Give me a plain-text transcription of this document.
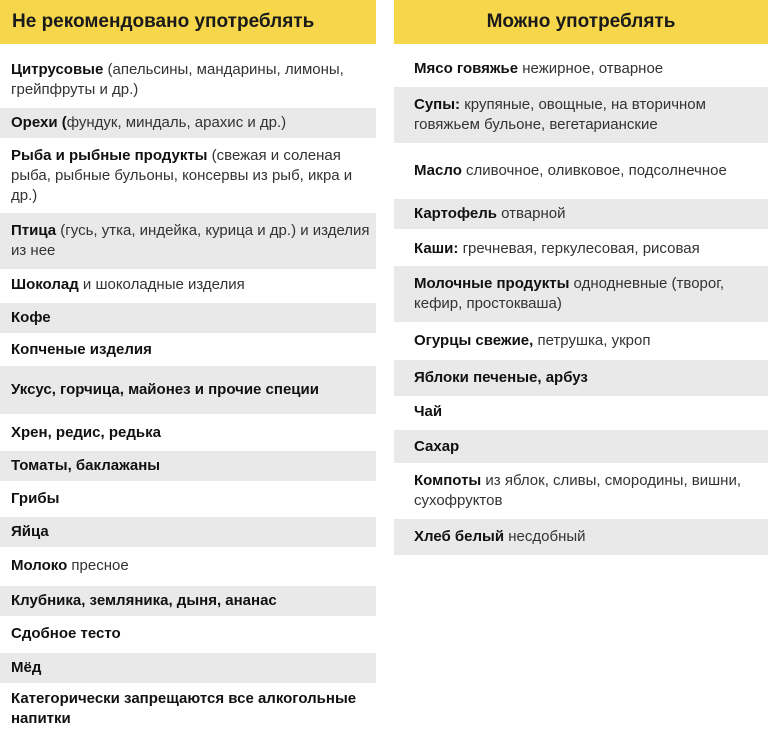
Не рекомендовано употреблять
Цитрусовые (апельсины, мандарины, лимоны, грейпфруты и др.)
Орехи (фундук, миндаль, арахис и др.)
Рыба и рыбные продукты (свежая и соленая рыба, рыбные бульоны, консервы из рыб, икра и др.)
Птица (гусь, утка, индейка, курица и др.) и изделия из нее
Шоколад и шоколадные изделия
Кофе
Копченые изделия
Уксус, горчица, майонез и прочие специи
Хрен, редис, редька
Томаты, баклажаны
Грибы
Яйца
Молоко пресное
Клубника, земляника, дыня, ананас
Сдобное тесто
Мёд
Категорически запрещаются все алкогольные напитки
Можно употреблять
Мясо говяжье нежирное, отварное
Супы: крупяные, овощные, на вторичном говяжьем бульоне, вегетарианские
Масло сливочное, оливковое, подсолнечное
Картофель отварной
Каши: гречневая, геркулесовая, рисовая
Молочные продукты однодневные (творог, кефир, простокваша)
Огурцы свежие, петрушка, укроп
Яблоки печеные, арбуз
Чай
Сахар
Компоты из яблок, сливы, смородины, вишни, сухофруктов
Хлеб белый несдобный
